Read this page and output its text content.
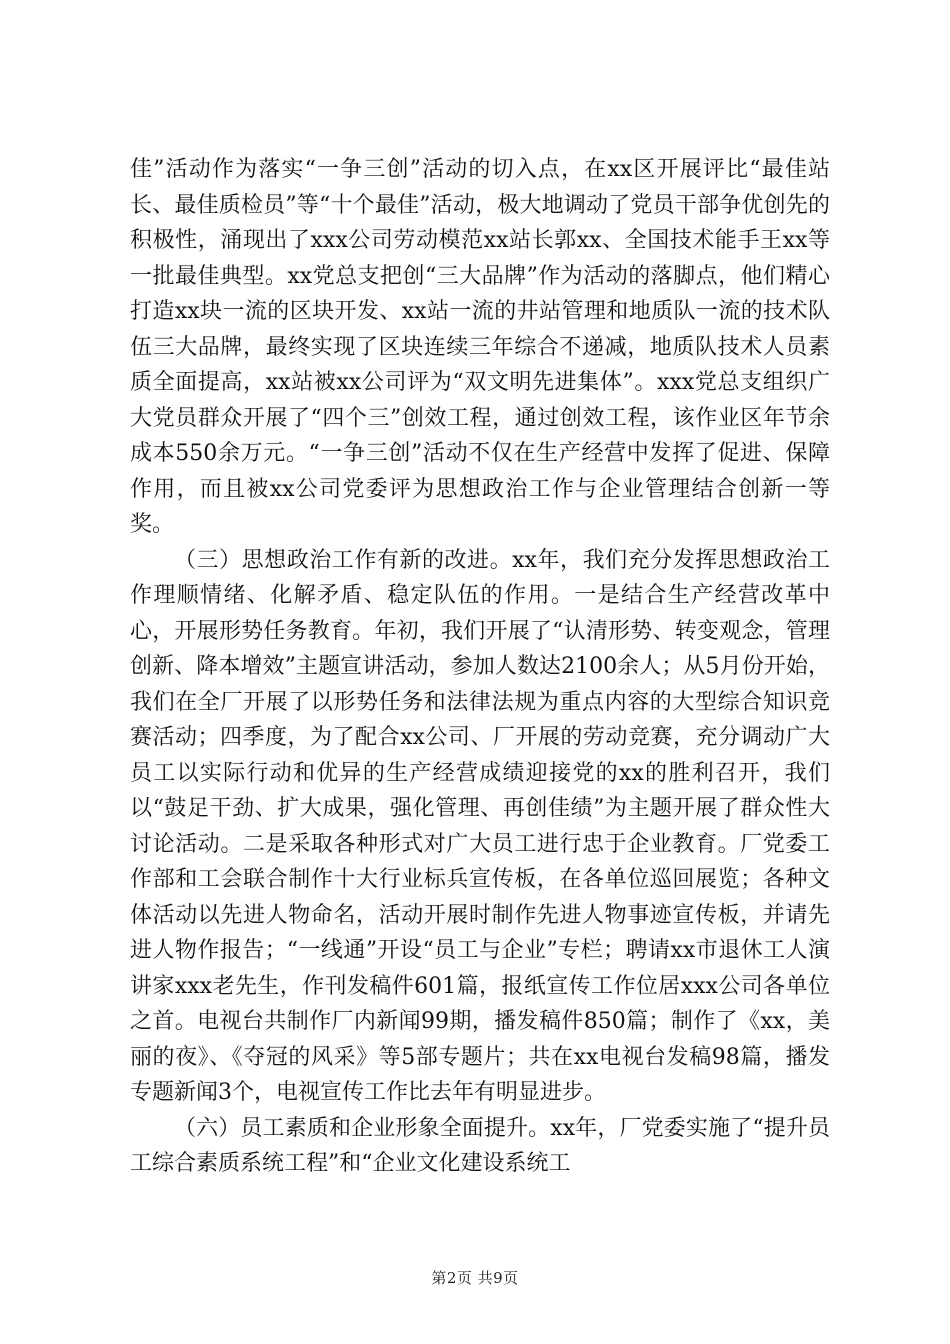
佳”活动作为落实“一争三创”活动的切入点，在xx区开展评比“最佳站长、最佳质检员”等“十个最佳”活动，极大地调动了党员干部争优创先的积极性，涌现出了xxx公司劳动模范xx站长郭xx、全国技术能手王xx等一批最佳典型。xx党总支把创“三大品牌”作为活动的落脚点，他们精心打造xx块一流的区块开发、xx站一流的井站管理和地质队一流的技术队伍三大品牌，最终实现了区块连续三年综合不递减，地质队技术人员素质全面提高，xx站被xx公司评为“双文明先进集体”。xxx党总支组织广大党员群众开展了“四个三”创效工程，通过创效工程，该作业区年节余成本550余万元。“一争三创”活动不仅在生产经营中发挥了促进、保障作用，而且被xx公司党委评为思想政治工作与企业管理结合创新一等奖。

（三）思想政治工作有新的改进。xx年，我们充分发挥思想政治工作理顺情绪、化解矛盾、稳定队伍的作用。一是结合生产经营改革中心，开展形势任务教育。年初，我们开展了“认清形势、转变观念，管理创新、降本增效”主题宣讲活动，参加人数达2100余人；从5月份开始，我们在全厂开展了以形势任务和法律法规为重点内容的大型综合知识竞赛活动；四季度，为了配合xx公司、厂开展的劳动竞赛，充分调动广大员工以实际行动和优异的生产经营成绩迎接党的xx的胜利召开，我们以“鼓足干劲、扩大成果，强化管理、再创佳绩”为主题开展了群众性大讨论活动。二是采取各种形式对广大员工进行忠于企业教育。厂党委工作部和工会联合制作十大行业标兵宣传板，在各单位巡回展览；各种文体活动以先进人物命名，活动开展时制作先进人物事迹宣传板，并请先进人物作报告；“一线通”开设“员工与企业”专栏；聘请xx市退休工人演讲家xxx老先生，作刊发稿件601篇，报纸宣传工作位居xxx公司各单位之首。电视台共制作厂内新闻99期，播发稿件850篇；制作了《xx，美丽的夜》、《夺冠的风采》等5部专题片；共在xx电视台发稿98篇，播发专题新闻3个，电视宣传工作比去年有明显进步。

（六）员工素质和企业形象全面提升。xx年，厂党委实施了“提升员工综合素质系统工程”和“企业文化建设系统工

第2页 共9页
